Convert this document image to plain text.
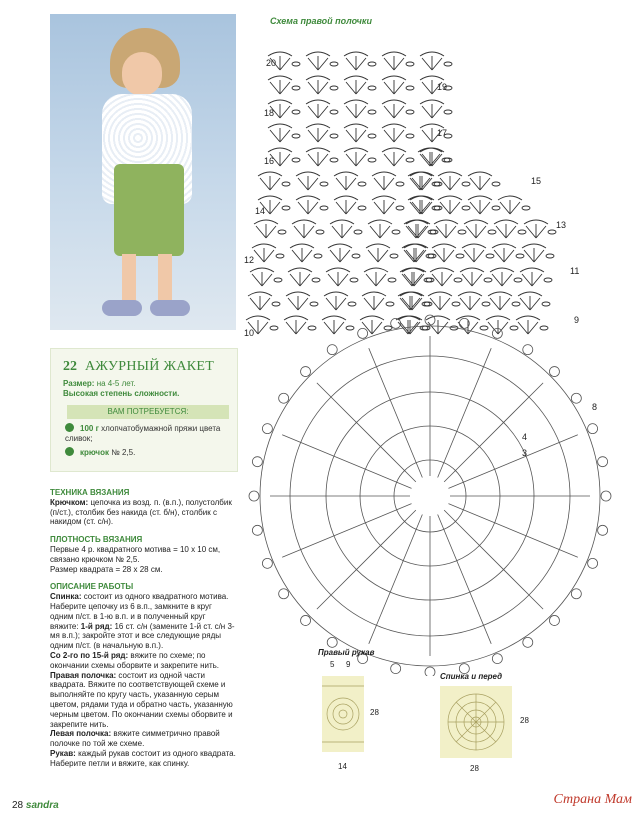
Схема правой полочки
20
19
18
17
16
15
14
13
12
11
10
9
8
4
3
22 АЖУРНЫЙ ЖАКЕТ
Размер: на 4-5 лет.
Высокая степень сложности.
ВАМ ПОТРЕБУЕТСЯ:
100 г хлопчатобумажной пряжи цвета сливок;
крючок № 2,5.
ТЕХНИКА ВЯЗАНИЯ

Крючком: цепочка из возд. п. (в.п.), полустолбик (п/ст.), столбик без накида (ст. б/н), столбик с накидом (ст. с/н).

ПЛОТНОСТЬ ВЯЗАНИЯ

Первые 4 р. квадратного мотива = 10 х 10 см, связано крючком № 2,5.

Размер квадрата = 28 х 28 см.

ОПИСАНИЕ РАБОТЫ

Спинка: состоит из одного квадратного мотива. Наберите цепочку из 6 в.п., замкните в круг одним п/ст. в 1-ю в.п. и в полученный круг вяжите: 1-й ряд: 16 ст. с/н (замените 1-й ст. с/н 3-мя в.п.); закройте этот и все следующие ряды одним п/ст. (в начальную в.п.).

Со 2-го по 15-й ряд: вяжите по схеме; по окончании схемы оборвите и закрепите нить.

Правая полочка: состоит из одной части квадрата. Вяжите по соответствующей схеме и выполняйте по кругу часть, указанную серым цветом, рядами туда и обратно часть, указанную черным цветом. По окончании схемы оборвите и закрепите нить.

Левая полочка: вяжите симметрично правой полочке по той же схеме.

Рукав: каждый рукав состоит из одного квадрата. Наберите петли и вяжите, как спинку.

Правый рукав
5 9
28
14
Спинка и перед
28
28
28 sandra	Страна Мам
